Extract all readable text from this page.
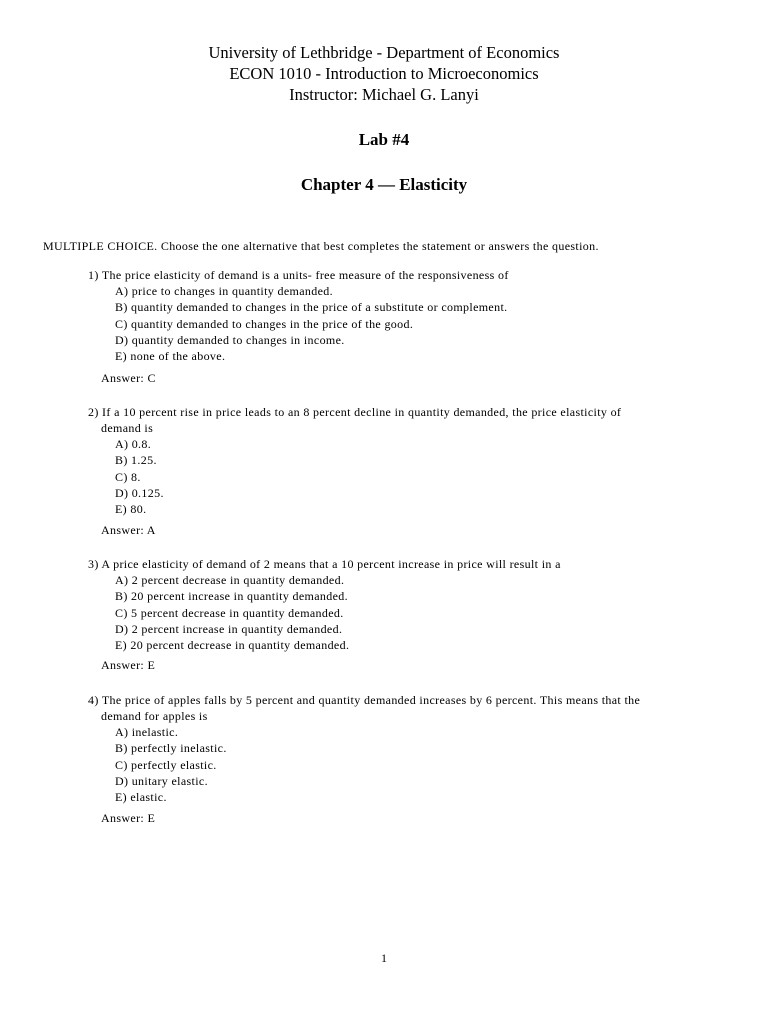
University of Lethbridge - Department of Economics
ECON 1010 - Introduction to Microeconomics
Instructor: Michael G. Lanyi
Lab #4
Chapter 4 — Elasticity
MULTIPLE CHOICE. Choose the one alternative that best completes the statement or answers the question.
1) The price elasticity of demand is a units- free measure of the responsiveness of
A) price to changes in quantity demanded.
B) quantity demanded to changes in the price of a substitute or complement.
C) quantity demanded to changes in the price of the good.
D) quantity demanded to changes in income.
E) none of the above.
Answer: C
2) If a 10 percent rise in price leads to an 8 percent decline in quantity demanded, the price elasticity of
demand is
A) 0.8.
B) 1.25.
C) 8.
D) 0.125.
E) 80.
Answer: A
3) A price elasticity of demand of 2 means that a 10 percent increase in price will result in a
A) 2 percent decrease in quantity demanded.
B) 20 percent increase in quantity demanded.
C) 5 percent decrease in quantity demanded.
D) 2 percent increase in quantity demanded.
E) 20 percent decrease in quantity demanded.
Answer: E
4) The price of apples falls by 5 percent and quantity demanded increases by 6 percent. This means that the
demand for apples is
A) inelastic.
B) perfectly inelastic.
C) perfectly elastic.
D) unitary elastic.
E) elastic.
Answer: E
1
